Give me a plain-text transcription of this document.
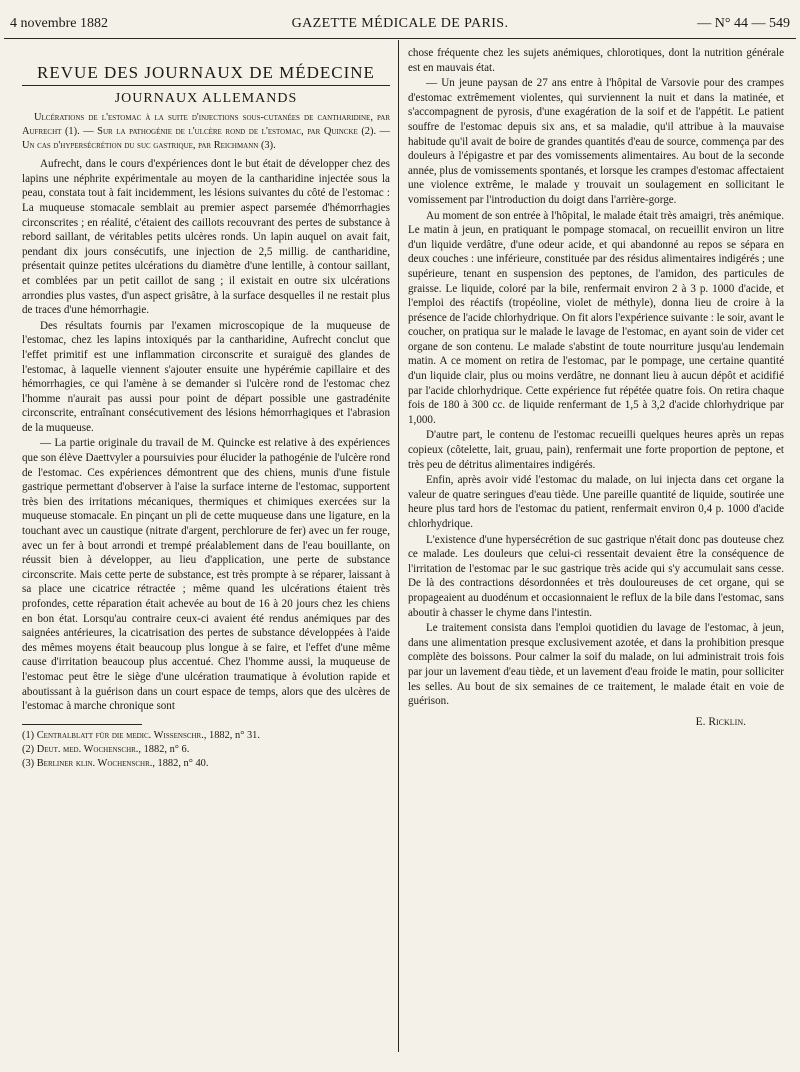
4 novembre 1882	GAZETTE MÉDICALE DE PARIS.	— N° 44 — 549
REVUE DES JOURNAUX DE MÉDECINE
JOURNAUX ALLEMANDS
Ulcérations de l'estomac à la suite d'injections sous-cutanées de cantharidine, par Aufrecht (1). — Sur la pathogénie de l'ulcère rond de l'estomac, par Quincke (2). — Un cas d'hypersécrétion du suc gastrique, par Reichmann (3).

Aufrecht, dans le cours d'expériences dont le but était de développer chez des lapins une néphrite expérimentale au moyen de la cantharidine injectée sous la peau, constata tout à fait incidemment, les lésions suivantes du côté de l'estomac : La muqueuse stomacale semblait au premier aspect parsemée d'hémorrhagies circonscrites ; en réalité, c'étaient des caillots recouvrant des pertes de substance à rebord saillant, de véritables petits ulcères ronds. Un lapin auquel on avait fait, pendant dix jours consécutifs, une injection de 2,5 millig. de cantharidine, présentait quinze petites ulcérations du diamètre d'une lentille, à contour saillant, et comblées par un petit caillot de sang ; il existait en outre six ulcérations arrondies plus vastes, d'un aspect grisâtre, à la surface desquelles il ne restait plus de traces d'une hémorrhagie.

Des résultats fournis par l'examen microscopique de la muqueuse de l'estomac, chez les lapins intoxiqués par la cantharidine, Aufrecht conclut que l'effet primitif est une inflammation circonscrite et suraiguë des glandes de l'estomac, à laquelle viennent s'ajouter ensuite une hypérémie capillaire et des hémorrhagies, ce qui l'amène à se demander si l'ulcère rond de l'estomac chez l'homme n'aurait pas aussi pour point de départ possible une gastradénite circonscrite, entraînant consécutivement des lésions hémorrhagiques et l'abrasion de la muqueuse.

— La partie originale du travail de M. Quincke est relative à des expériences que son élève Daettvyler a poursuivies pour élucider la pathogénie de l'ulcère rond de l'estomac. Ces expériences démontrent que des chiens, munis d'une fistule gastrique permettant d'observer à l'aise la surface interne de l'estomac, supportent très bien des irritations mécaniques, thermiques et chimiques exercées sur la muqueuse stomacale. En pinçant un pli de cette muqueuse dans une ligature, en la touchant avec un caustique (nitrate d'argent, perchlorure de fer) avec un fer rouge, avec un fer à bout arrondi et trempé préalablement dans de l'eau bouillante, on réussit bien à développer, au lieu d'application, une perte de substance circonscrite. Mais cette perte de substance, est très prompte à se réparer, laissant à sa place une cicatrice rétractée ; même quand les ulcérations étaient très profondes, cette réparation était achevée au bout de 16 à 20 jours chez les chiens en bon état. Lorsqu'au contraire ceux-ci avaient été rendus anémiques par des saignées antérieures, la cicatrisation des pertes de substance développées à l'aide des mêmes moyens était beaucoup plus longue à se faire, et l'effet d'une même cause d'irritation beaucoup plus accentué. Chez l'homme aussi, la muqueuse de l'estomac peut être le siège d'une ulcération traumatique à évolution rapide et aboutissant à la guérison dans un court espace de temps, alors que des ulcères de l'estomac à marche chronique sont

(1) Centralblatt für die medic. Wissenschr., 1882, n° 31.
(2) Deut. med. Wochenschr., 1882, n° 6.
(3) Berliner klin. Wochenschr., 1882, n° 40.

chose fréquente chez les sujets anémiques, chlorotiques, dont la nutrition générale est en mauvais état.

— Un jeune paysan de 27 ans entre à l'hôpital de Varsovie pour des crampes d'estomac extrêmement violentes, qui surviennent la nuit et dans la matinée, et s'accompagnent de pyrosis, d'une exagération de la soif et de l'appétit. Le patient souffre de l'estomac depuis six ans, et sa maladie, qu'il attribue à la mauvaise habitude qu'il avait de boire de grandes quantités d'eau de source, commença par des douleurs à l'épigastre et par des vomissements alimentaires. Au bout de la seconde année, plus de vomissements spontanés, et lorsque les crampes d'estomac affectaient une violence extrême, le malade y trouvait un soulagement en sollicitant le vomissement par l'introduction du doigt dans l'arrière-gorge.

Au moment de son entrée à l'hôpital, le malade était très amaigri, très anémique. Le matin à jeun, en pratiquant le pompage stomacal, on recueillit environ un litre d'un liquide verdâtre, d'une odeur acide, et qui abandonné au repos se sépara en deux couches : une inférieure, constituée par des résidus alimentaires indigérés ; une supérieure, tenant en suspension des peptones, de l'amidon, des particules de graisse. Le liquide, coloré par la bile, renfermait environ 2 à 3 p. 1000 d'acide, et l'emploi des réactifs (tropéoline, violet de méthyle), donna lieu de croire à la présence de l'acide chlorhydrique. On fit alors l'expérience suivante : le soir, avant le coucher, on pratiqua sur le malade le lavage de l'estomac, en ayant soin de vider cet organe de son contenu. Le malade s'abstint de toute nourriture jusqu'au lendemain matin. A ce moment on retira de l'estomac, par le pompage, une certaine quantité d'un liquide clair, plus ou moins verdâtre, ne donnant lieu à aucun dépôt et acidifié par l'acide chlorhydrique. Cette expérience fut répétée quatre fois. On retira chaque fois de 180 à 300 cc. de liquide renfermant de 1,5 à 3,2 d'acide chlorhydrique par 1,000.

D'autre part, le contenu de l'estomac recueilli quelques heures après un repas copieux (côtelette, lait, gruau, pain), renfermait une forte proportion de peptone, et très peu de détritus alimentaires indigérés.

Enfin, après avoir vidé l'estomac du malade, on lui injecta dans cet organe la valeur de quatre seringues d'eau tiède. Une pareille quantité de liquide, soutirée une heure plus tard hors de l'estomac du patient, renfermait environ 0,4 p. 1000 d'acide chlorhydrique.

L'existence d'une hypersécrétion de suc gastrique n'était donc pas douteuse chez ce malade. Les douleurs que celui-ci ressentait devaient être la conséquence de l'irritation de l'estomac par le suc gastrique très acide qui s'y accumulait sans cesse. De là des contractions désordonnées et très douloureuses de cet organe, qui se propageaient au duodénum et occasionnaient le reflux de la bile dans l'estomac, sans aboutir à chasser le chyme dans l'intestin.

Le traitement consista dans l'emploi quotidien du lavage de l'estomac, à jeun, dans une alimentation presque exclusivement azotée, et dans la prohibition presque complète des boissons. Pour calmer la soif du malade, on lui administrait trois fois par jour un lavement d'eau tiède, et un lavement d'eau froide le matin, pour solliciter les selles. Au bout de six semaines de ce traitement, le malade était en voie de guérison.

E. Ricklin.
